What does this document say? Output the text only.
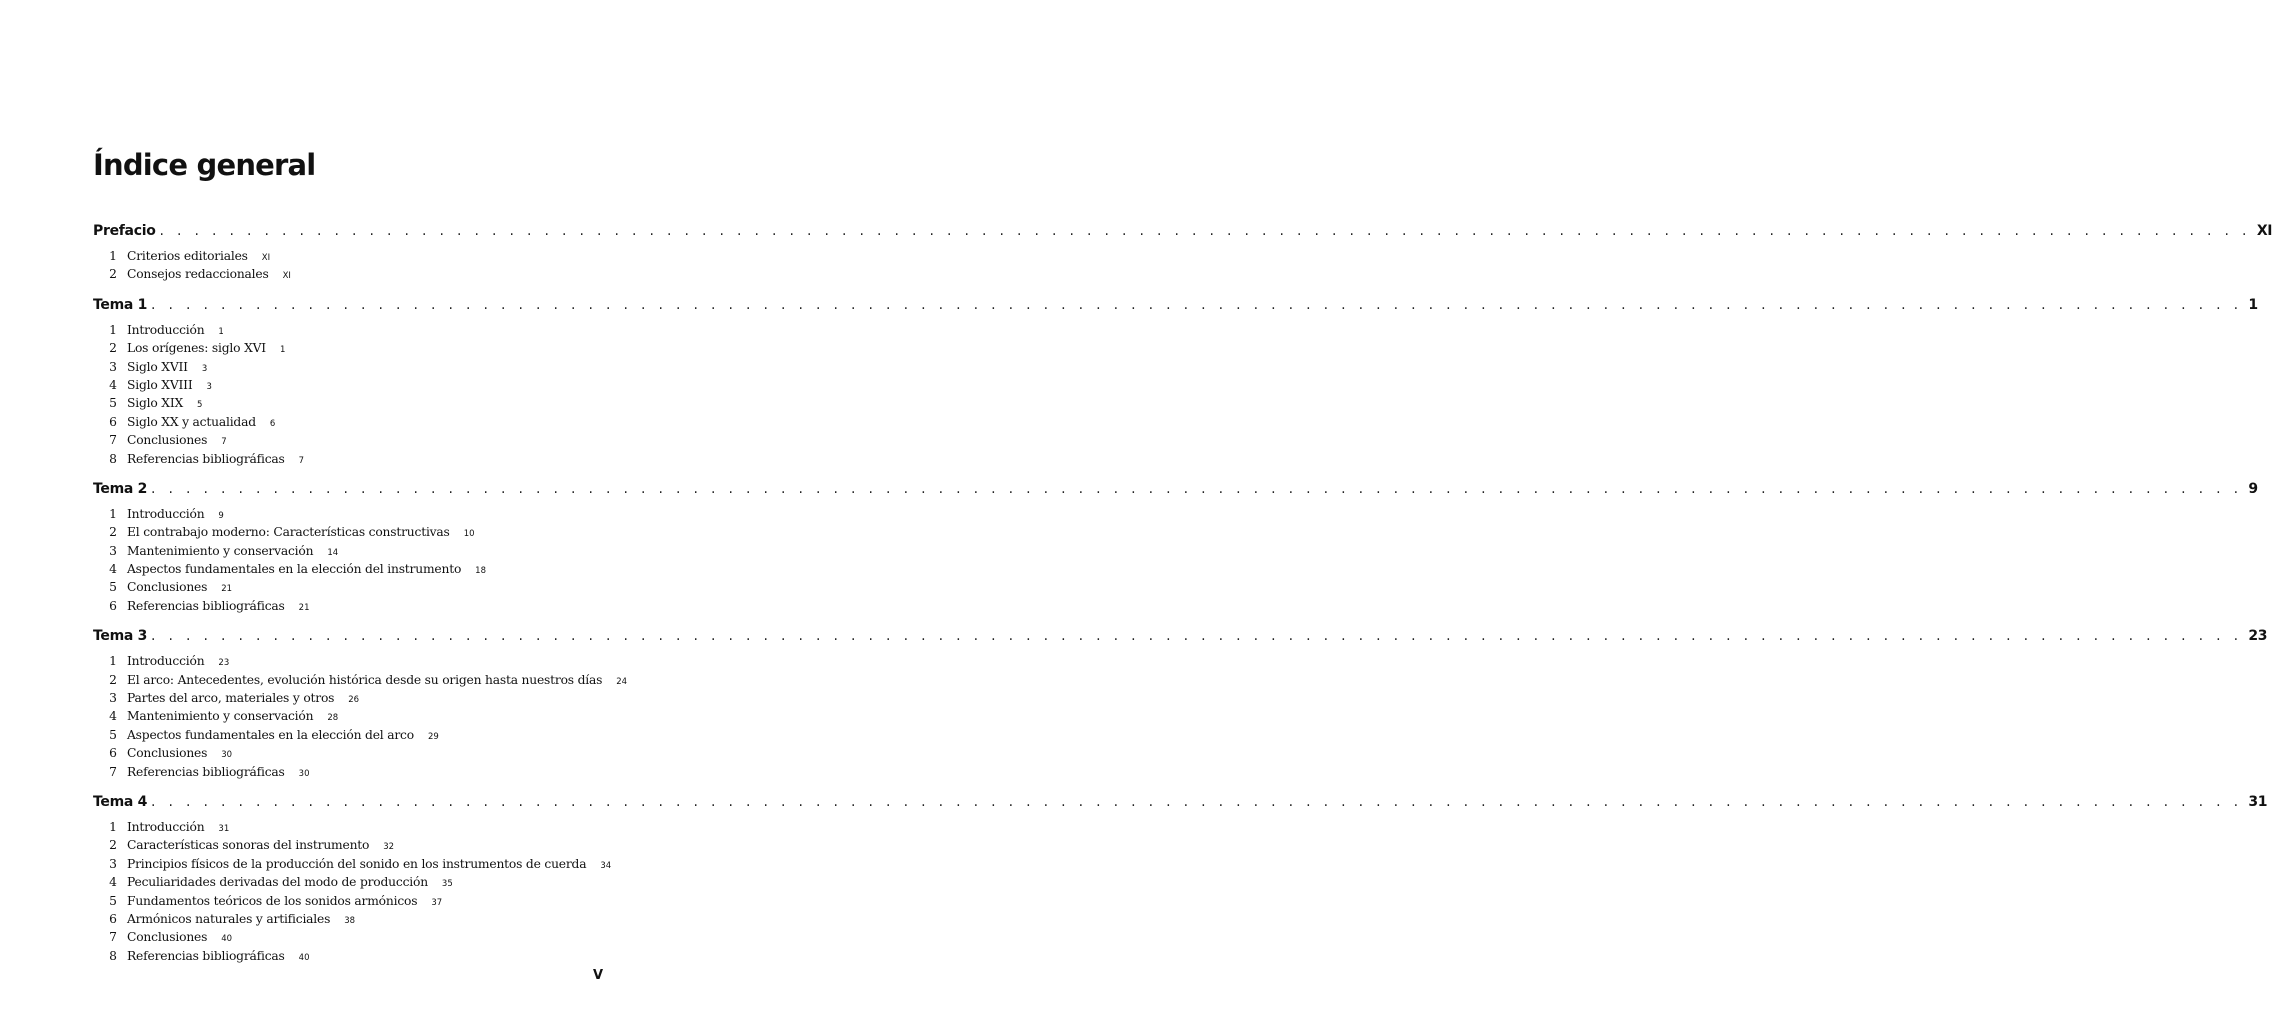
Índice general
Prefacio . . . . . . . . . . . . . . . . . . . . . . . . . . . . . . . . . . . . . . . . . . . . . . . . . . . . . . . . . . . . . . . . . . . . . . . . . . . . . . . . . . . . . . . . . . . . . . . . . . . . . . . . . . . . . . . . . . . . . . . . XI
1 Criterios editoriales XI
2 Consejos redaccionales XI
Tema 1 . . . . . . . . . . . . . . . . . . . . . . . . . . . . . . . . . . . . . . . . . . . . . . . . . . . . . . . . . . . . . . . . . . . . . . . . . . . . . . . . . . . . . . . . . . . . . . . . . . . . . . . . . . . . . . . . . . . . . . . . 1
1 Introducción 1
2 Los orígenes: siglo XVI 1
3 Siglo XVII 3
4 Siglo XVIII 3
5 Siglo XIX 5
6 Siglo XX y actualidad 6
7 Conclusiones 7
8 Referencias bibliográficas 7
Tema 2 . . . . . . . . . . . . . . . . . . . . . . . . . . . . . . . . . . . . . . . . . . . . . . . . . . . . . . . . . . . . . . . . . . . . . . . . . . . . . . . . . . . . . . . . . . . . . . . . . . . . . . . . . . . . . . . . . . . . . . . . 9
1 Introducción 9
2 El contrabajo moderno: Características constructivas 10
3 Mantenimiento y conservación 14
4 Aspectos fundamentales en la elección del instrumento 18
5 Conclusiones 21
6 Referencias bibliográficas 21
Tema 3 . . . . . . . . . . . . . . . . . . . . . . . . . . . . . . . . . . . . . . . . . . . . . . . . . . . . . . . . . . . . . . . . . . . . . . . . . . . . . . . . . . . . . . . . . . . . . . . . . . . . . . . . . . . . . . . . . . . . . . . . 23
1 Introducción 23
2 El arco: Antecedentes, evolución histórica desde su origen hasta nuestros días 24
3 Partes del arco, materiales y otros 26
4 Mantenimiento y conservación 28
5 Aspectos fundamentales en la elección del arco 29
6 Conclusiones 30
7 Referencias bibliográficas 30
Tema 4 . . . . . . . . . . . . . . . . . . . . . . . . . . . . . . . . . . . . . . . . . . . . . . . . . . . . . . . . . . . . . . . . . . . . . . . . . . . . . . . . . . . . . . . . . . . . . . . . . . . . . . . . . . . . . . . . . . . . . . . . 31
1 Introducción 31
2 Características sonoras del instrumento 32
3 Principios físicos de la producción del sonido en los instrumentos de cuerda 34
4 Peculiaridades derivadas del modo de producción 35
5 Fundamentos teóricos de los sonidos armónicos 37
6 Armónicos naturales y artificiales 38
7 Conclusiones 40
8 Referencias bibliográficas 40
V
